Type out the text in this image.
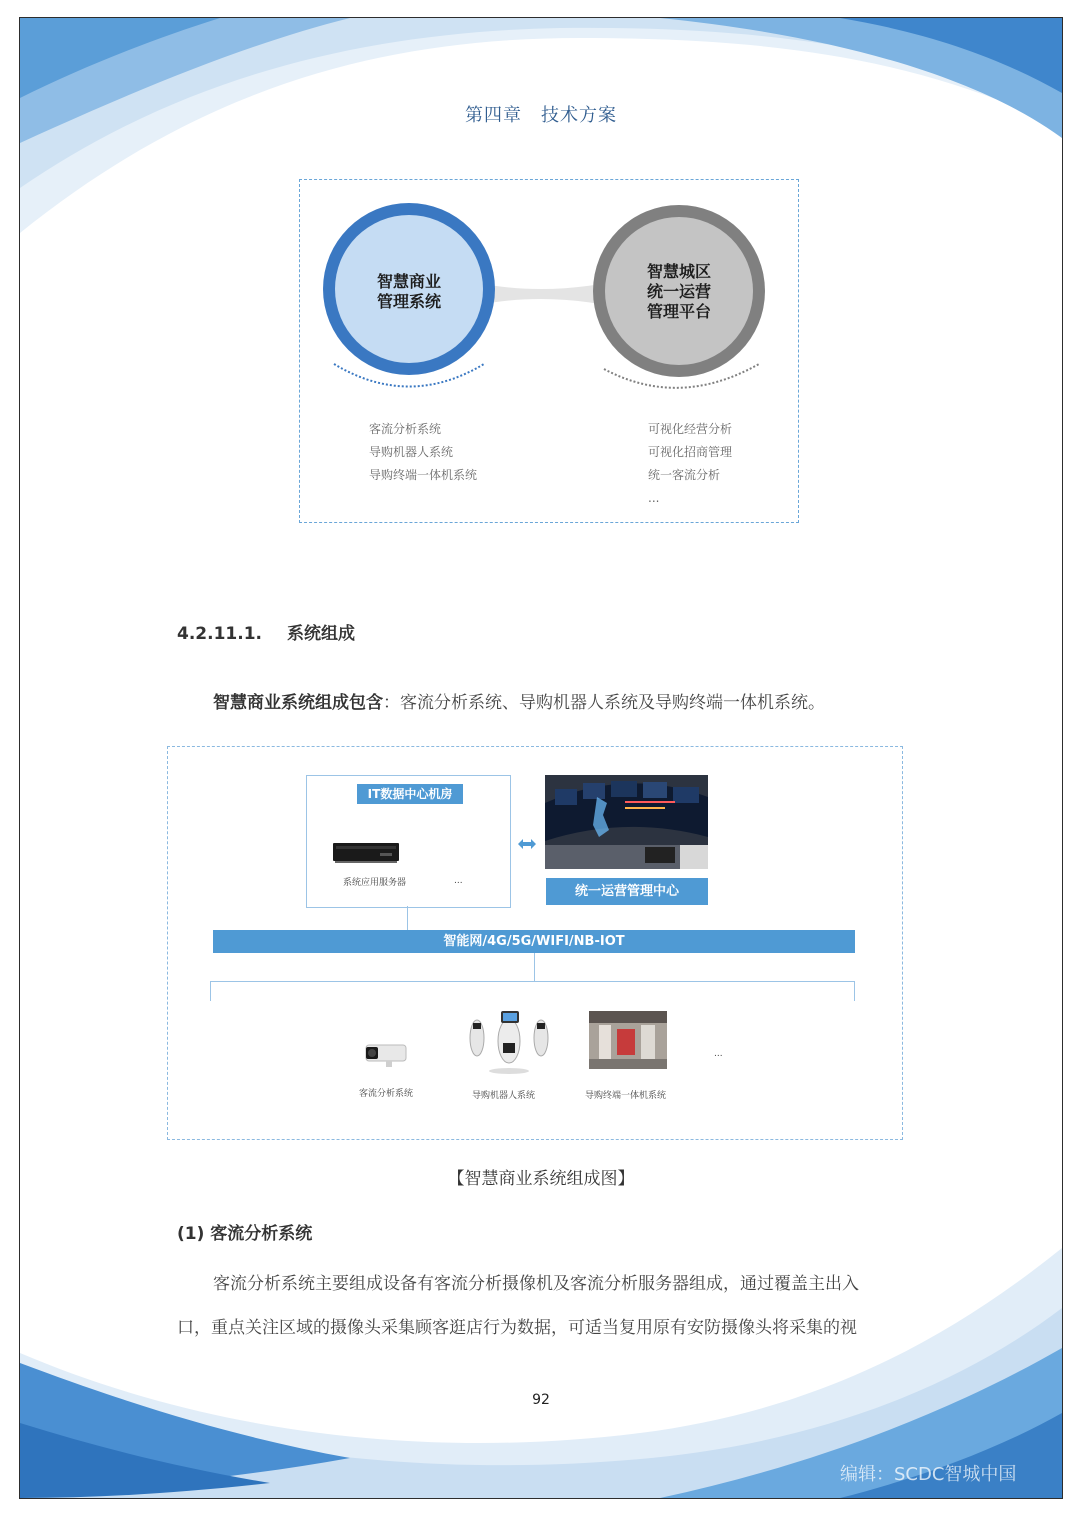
第四章　技术方案
智慧商业
管理系统
智慧城区
统一运营
管理平台
客流分析系统
导购机器人系统
导购终端一体机系统
可视化经营分析
可视化招商管理
统一客流分析
...
4.2.11.1. 系统组成
智慧商业系统组成包含：客流分析系统、导购机器人系统及导购终端一体机系统。
IT数据中心机房
系统应用服务器	...
统一运营管理中心
智能网/4G/5G/WIFI/NB-IOT
客流分析系统	导购机器人系统	导购终端一体机系统
...
【智慧商业系统组成图】
(1) 客流分析系统
客流分析系统主要组成设备有客流分析摄像机及客流分析服务器组成，通过覆盖主出入
口，重点关注区域的摄像头采集顾客逛店行为数据，可适当复用原有安防摄像头将采集的视
92
编辑：SCDC智城中国
